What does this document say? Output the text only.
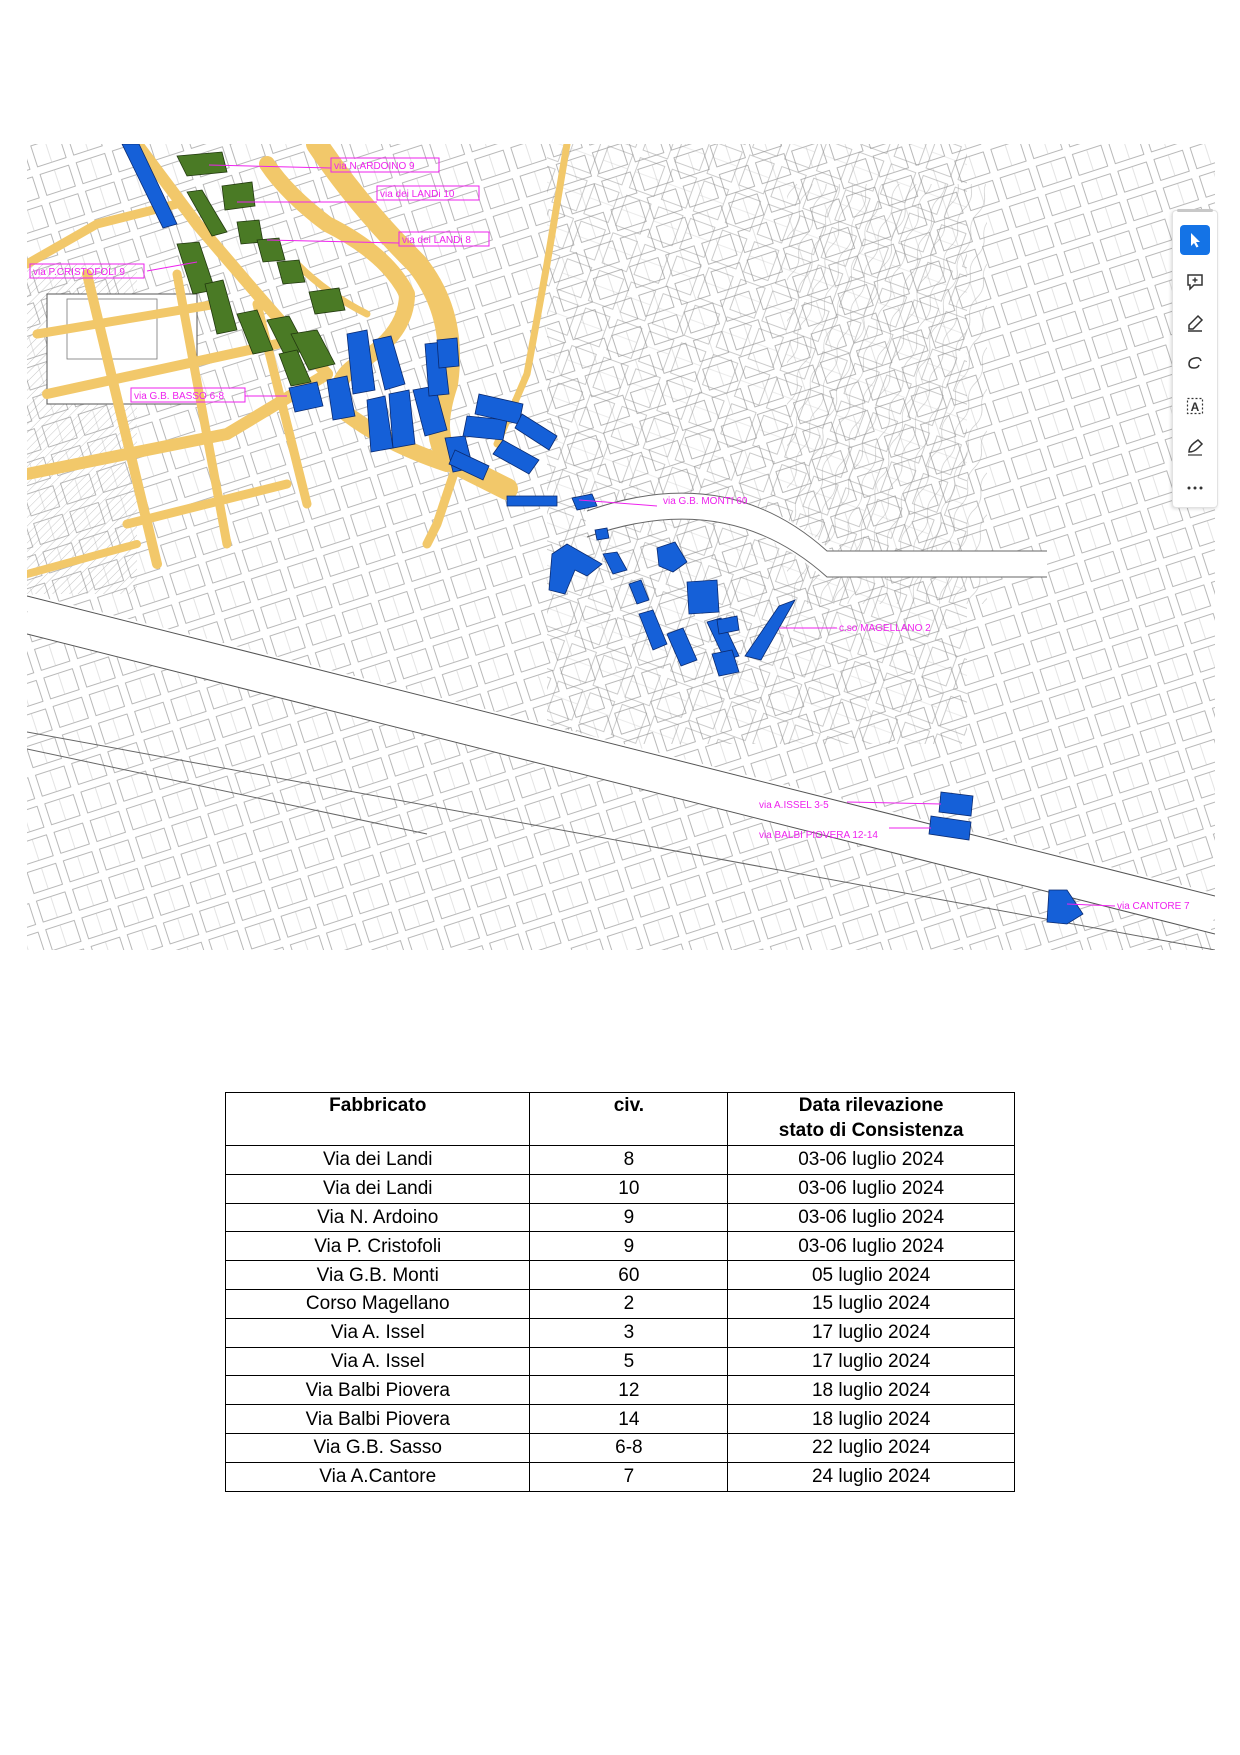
via N.ARDOINO 9
via dei LANDi 10
via dei LANDi 8
via P.CRISTOFOLI 9
via G.B. BASSO 6-8
via G.B. MONTI 60
c.so MAGELLANO 2
via A.ISSEL 3-5
via BALBI PIOVERA 12-14
via CANTORE 7
A
Fabbricato	civ.	Data rilevazione
stato di Consistenza
Via dei Landi	8	03-06 luglio 2024
Via dei Landi	10	03-06 luglio 2024
Via N. Ardoino	9	03-06 luglio 2024
Via P. Cristofoli	9	03-06 luglio 2024
Via G.B. Monti	60	05 luglio 2024
Corso Magellano	2	15 luglio 2024
Via A. Issel	3	17 luglio 2024
Via A. Issel	5	17 luglio 2024
Via Balbi Piovera	12	18 luglio 2024
Via Balbi Piovera	14	18 luglio 2024
Via G.B. Sasso	6-8	22 luglio 2024
Via A.Cantore	7	24 luglio 2024
